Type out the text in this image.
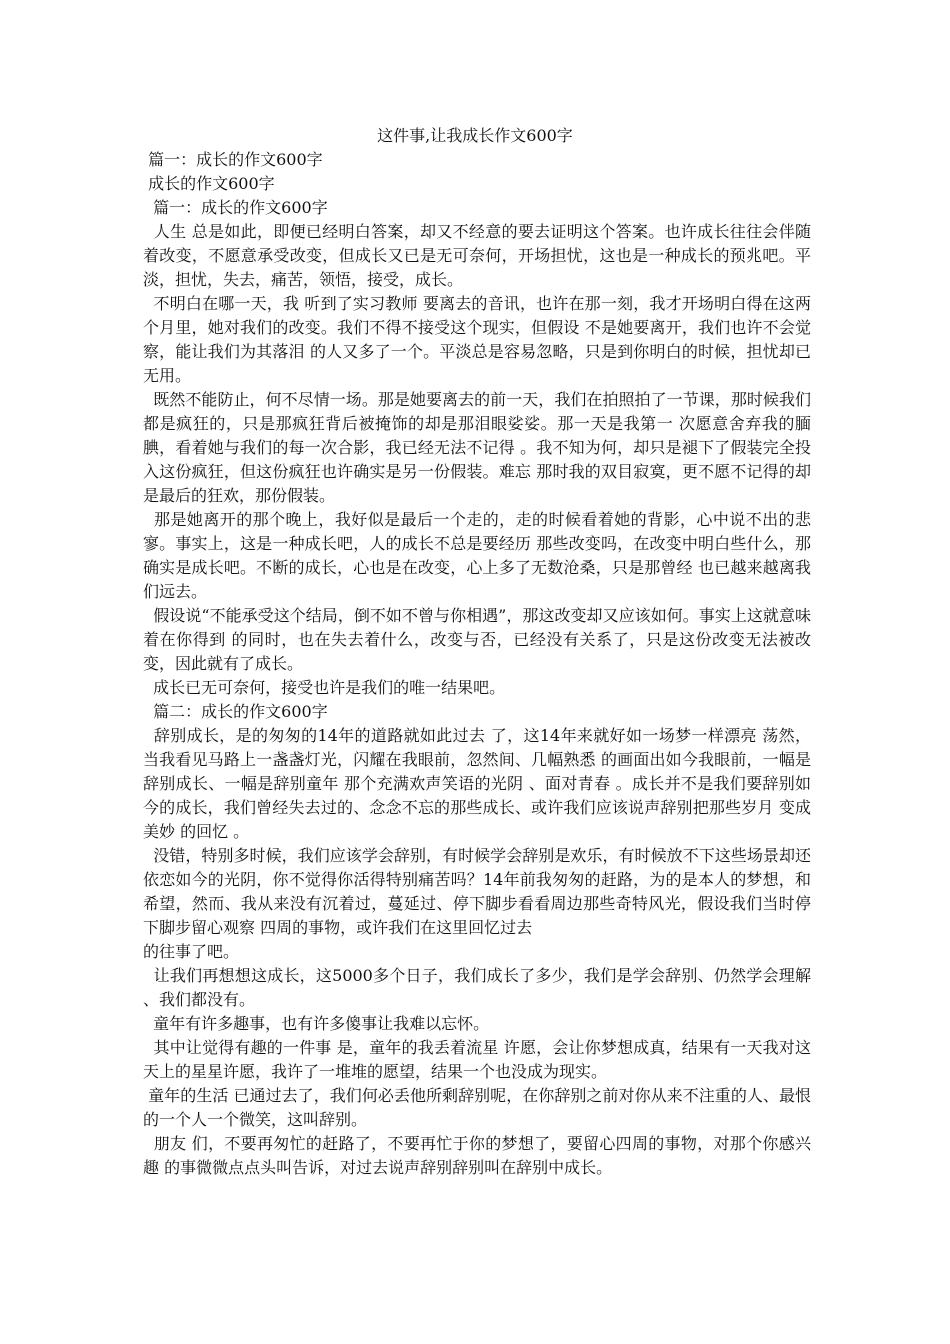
这件事,让我成长作文600字

篇一：成长的作文600字

成长的作文600字

篇一：成长的作文600字

人生 总是如此，即便已经明白答案，却又不经意的要去证明这个答案。也许成长往往会伴随着改变，不愿意承受改变，但成长又已是无可奈何，开场担忧，这也是一种成长的预兆吧。平淡，担忧，失去，痛苦，领悟，接受，成长。

不明白在哪一天，我 听到了实习教师 要离去的音讯，也许在那一刻，我才开场明白得在这两个月里，她对我们的改变。我们不得不接受这个现实，但假设 不是她要离开，我们也许不会觉察，能让我们为其落泪 的人又多了一个。平淡总是容易忽略，只是到你明白的时候，担忧却已无用。

既然不能防止，何不尽情一场。那是她要离去的前一天，我们在拍照拍了一节课，那时候我们都是疯狂的，只是那疯狂背后被掩饰的却是那泪眼娑娑。那一天是我第一 次愿意舍弃我的腼腆，看着她与我们的每一次合影，我已经无法不记得 。我不知为何，却只是褪下了假装完全投入这份疯狂，但这份疯狂也许确实是另一份假装。难忘 那时我的双目寂寞，更不愿不记得的却是最后的狂欢，那份假装。

那是她离开的那个晚上，我好似是最后一个走的，走的时候看着她的背影，心中说不出的悲寥。事实上，这是一种成长吧，人的成长不总是要经历 那些改变吗，在改变中明白些什么，那确实是成长吧。不断的成长，心也是在改变，心上多了无数沧桑，只是那曾经 也已越来越离我们远去。

假设说“不能承受这个结局，倒不如不曾与你相遇”，那这改变却又应该如何。事实上这就意味着在你得到 的同时，也在失去着什么，改变与否，已经没有关系了，只是这份改变无法被改变，因此就有了成长。

成长已无可奈何，接受也许是我们的唯一结果吧。

篇二：成长的作文600字

辞别成长，是的匆匆的14年的道路就如此过去 了，这14年来就好如一场梦一样漂亮 荡然，当我看见马路上一盏盏灯光，闪耀在我眼前，忽然间、几幅熟悉 的画面出如今我眼前，一幅是辞别成长、一幅是辞别童年 那个充满欢声笑语的光阴 、面对青春 。成长并不是我们要辞别如今的成长，我们曾经失去过的、念念不忘的那些成长、或许我们应该说声辞别把那些岁月 变成美妙 的回忆 。

没错，特别多时候，我们应该学会辞别，有时候学会辞别是欢乐，有时候放不下这些场景却还依恋如今的光阴，你不觉得你活得特别痛苦吗？14年前我匆匆的赶路，为的是本人的梦想，和希望，然而、我从来没有沉着过，蔓延过、停下脚步看看周边那些奇特风光，假设我们当时停下脚步留心观察 四周的事物，或许我们在这里回忆过去

的往事了吧。

让我们再想想这成长，这5000多个日子，我们成长了多少，我们是学会辞别、仍然学会理解 、我们都没有。

童年有许多趣事，也有许多傻事让我难以忘怀。

其中让觉得有趣的一件事 是，童年的我丢着流星 许愿，会让你梦想成真，结果有一天我对这天上的星星许愿，我许了一堆堆的愿望，结果一个也没成为现实。

童年的生活 已通过去了，我们何必丢他所剩辞别呢，在你辞别之前对你从来不注重的人、最恨的一个人一个微笑，这叫辞别。

朋友 们，不要再匆忙的赶路了，不要再忙于你的梦想了，要留心四周的事物，对那个你感兴趣 的事微微点点头叫告诉，对过去说声辞别辞别叫在辞别中成长。
